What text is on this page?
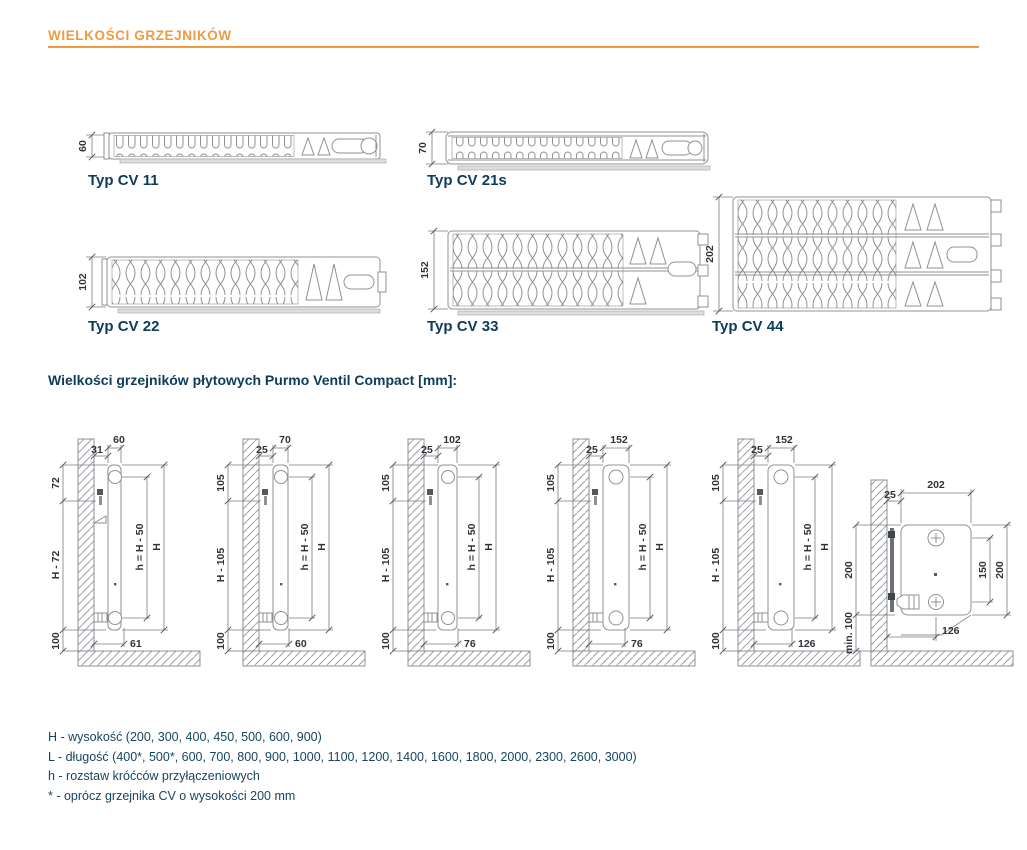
WIELKOŚCI GRZEJNIKÓW
60
Typ CV 11
70
Typ CV 21s
102
Typ CV 22
152
Typ CV 33
202
Typ CV 44
Wielkości grzejników płytowych Purmo Ventil Compact [mm]:
60
31
72
H - 72
100
h = H - 50 H
61
70
25
105
H - 105
100
h = H - 50 H
60
102
25
105
H - 105
100
h = H - 50 H
76
152
25
105
H - 105
100
h = H - 50 H
76
152
25
105
H - 105
100
h = H - 50 H
126
202
25
200
min. 100
150 200
126
H - wysokość (200, 300, 400, 450, 500, 600, 900)
L - długość (400*, 500*, 600, 700, 800, 900, 1000, 1100, 1200, 1400, 1600, 1800, 2000, 2300, 2600, 3000)
h - rozstaw króćców przyłączeniowych
* - oprócz grzejnika CV o wysokości 200 mm
